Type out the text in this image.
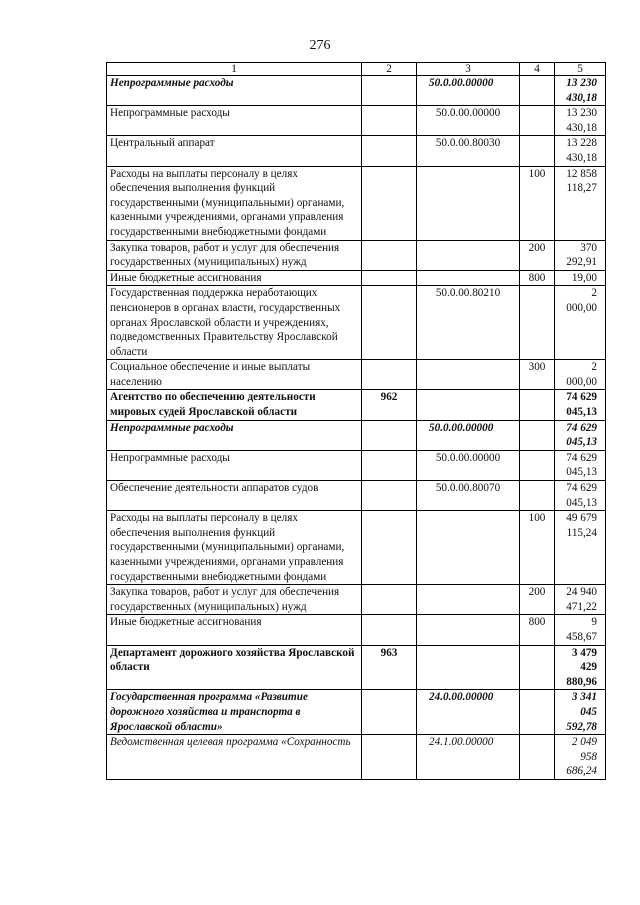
276
1	2	3	4	5
Непрограммные расходы		50.0.00.00000		13 230 430,18
Непрограммные расходы		50.0.00.00000		13 230 430,18
Центральный аппарат		50.0.00.80030		13 228 430,18
Расходы на выплаты персоналу в целях обеспечения выполнения функций государственными (муниципальными) органами, казенными учреждениями, органами управления государственными внебюджетными фондами			100	12 858 118,27
Закупка товаров, работ и услуг для обеспечения государственных (муниципальных) нужд			200	370 292,91
Иные бюджетные ассигнования			800	19,00
Государственная поддержка неработающих пенсионеров в органах власти, государственных органах Ярославской области и учреждениях, подведомственных Правительству Ярославской области		50.0.00.80210		2 000,00
Социальное обеспечение и иные выплаты населению			300	2 000,00
Агентство по обеспечению деятельности мировых судей Ярославской области	962			74 629 045,13
Непрограммные расходы		50.0.00.00000		74 629 045,13
Непрограммные расходы		50.0.00.00000		74 629 045,13
Обеспечение деятельности аппаратов судов		50.0.00.80070		74 629 045,13
Расходы на выплаты персоналу в целях обеспечения выполнения функций государственными (муниципальными) органами, казенными учреждениями, органами управления государственными внебюджетными фондами			100	49 679 115,24
Закупка товаров, работ и услуг для обеспечения государственных (муниципальных) нужд			200	24 940 471,22
Иные бюджетные ассигнования			800	9 458,67
Департамент дорожного хозяйства Ярославской области	963			3 479 429 880,96
Государственная программа «Развитие дорожного хозяйства и транспорта в Ярославской области»		24.0.00.00000		3 341 045 592,78
Ведомственная целевая программа «Сохранность		24.1.00.00000		2 049 958 686,24
